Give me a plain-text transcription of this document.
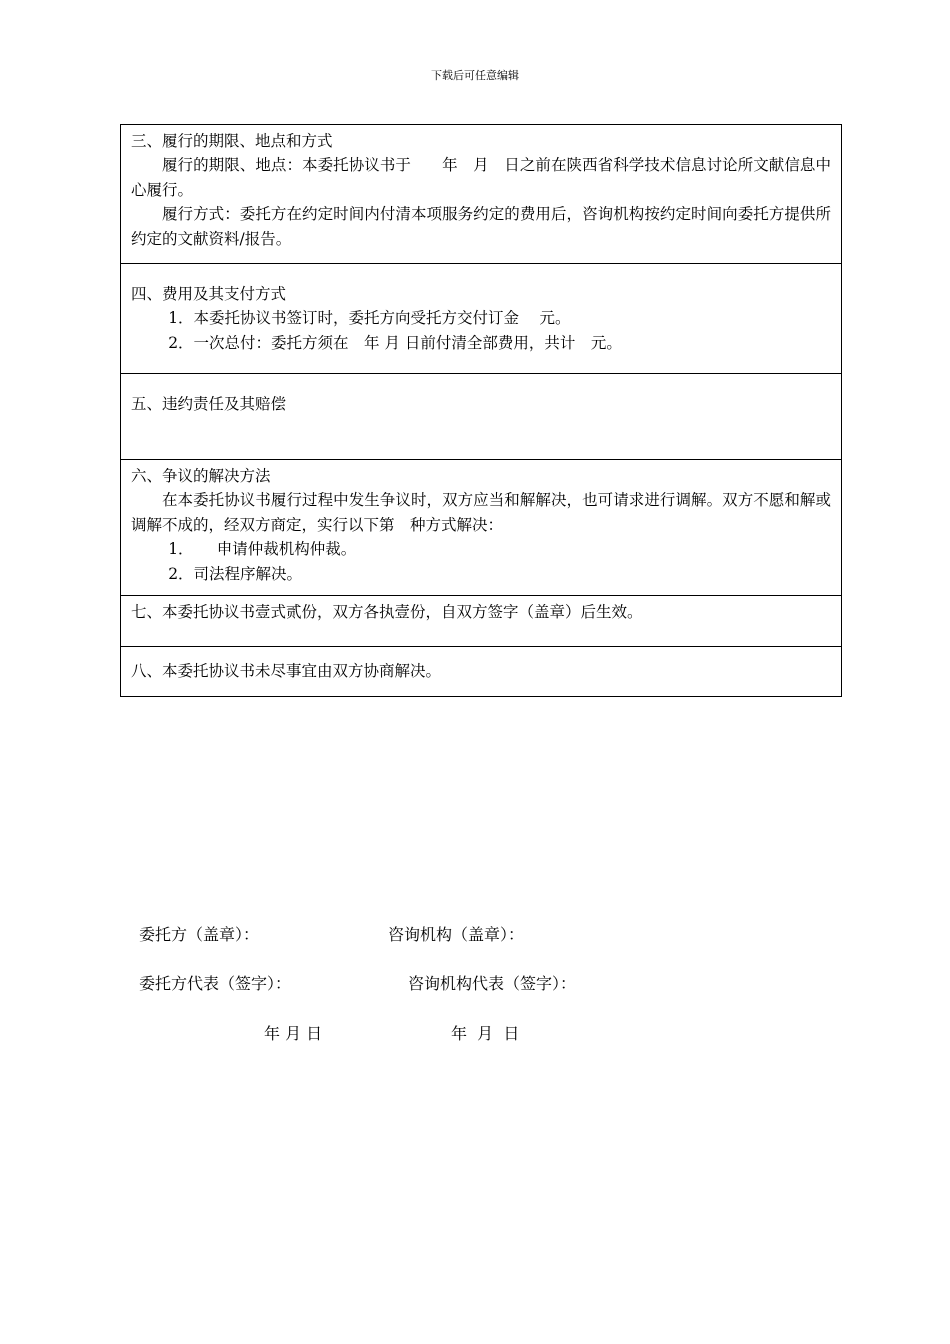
下载后可任意编辑
三、履行的期限、地点和方式
履行的期限、地点：本委托协议书于　　年　月　日之前在陕西省科学技术信息讨论所文献信息中心履行。
履行方式：委托方在约定时间内付清本项服务约定的费用后，咨询机构按约定时间向委托方提供所约定的文献资料/报告。
四、费用及其支付方式
1．本委托协议书签订时，委托方向受托方交付订金　 元。
2．一次总付：委托方须在　年 月 日前付清全部费用，共计　元。
五、违约责任及其赔偿
六、争议的解决方法
在本委托协议书履行过程中发生争议时，双方应当和解解决，也可请求进行调解。双方不愿和解或调解不成的，经双方商定，实行以下第　种方式解决：
1．　　申请仲裁机构仲裁。
2．司法程序解决。
七、本委托协议书壹式贰份，双方各执壹份，自双方签字（盖章）后生效。
八、本委托协议书未尽事宜由双方协商解决。
委托方（盖章）：	咨询机构（盖章）：
委托方代表（签字）：	咨询机构代表（签字）：
年 月 日	年  月  日
